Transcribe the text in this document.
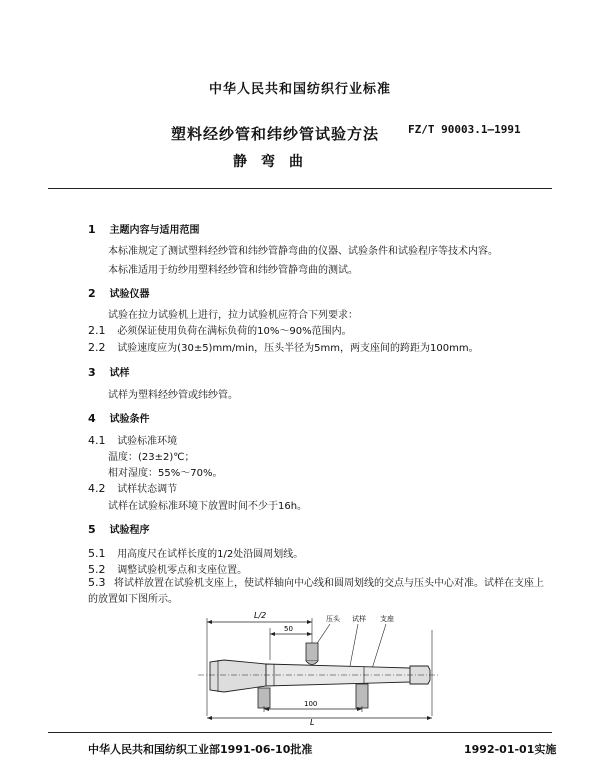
中华人民共和国纺织行业标准
塑料经纱管和纬纱管试验方法	FZ/T 90003.1—1991
静弯曲
1 主题内容与适用范围
本标准规定了测试塑料经纱管和纬纱管静弯曲的仪器、试验条件和试验程序等技术内容。
本标准适用于纺纱用塑料经纱管和纬纱管静弯曲的测试。
2 试验仪器
试验在拉力试验机上进行，拉力试验机应符合下列要求：
2.1 必须保证使用负荷在满标负荷的10%～90%范围内。
2.2 试验速度应为(30±5)mm/min，压头半径为5mm，两支座间的跨距为100mm。
3 试样
试样为塑料经纱管或纬纱管。
4 试验条件
4.1 试验标准环境
温度：(23±2)℃；
相对湿度：55%～70%。
4.2 试样状态调节
试样在试验标准环境下放置时间不少于16h。
5 试验程序
5.1 用高度尺在试样长度的1/2处沿圆周划线。
5.2 调整试验机零点和支座位置。
5.3 将试样放置在试验机支座上，使试样轴向中心线和圆周划线的交点与压头中心对准。试样在支座上的放置如下图所示。
L/2
50
压头 试样 支座
100
L
中华人民共和国纺织工业部1991-06-10批准	1992-01-01实施
